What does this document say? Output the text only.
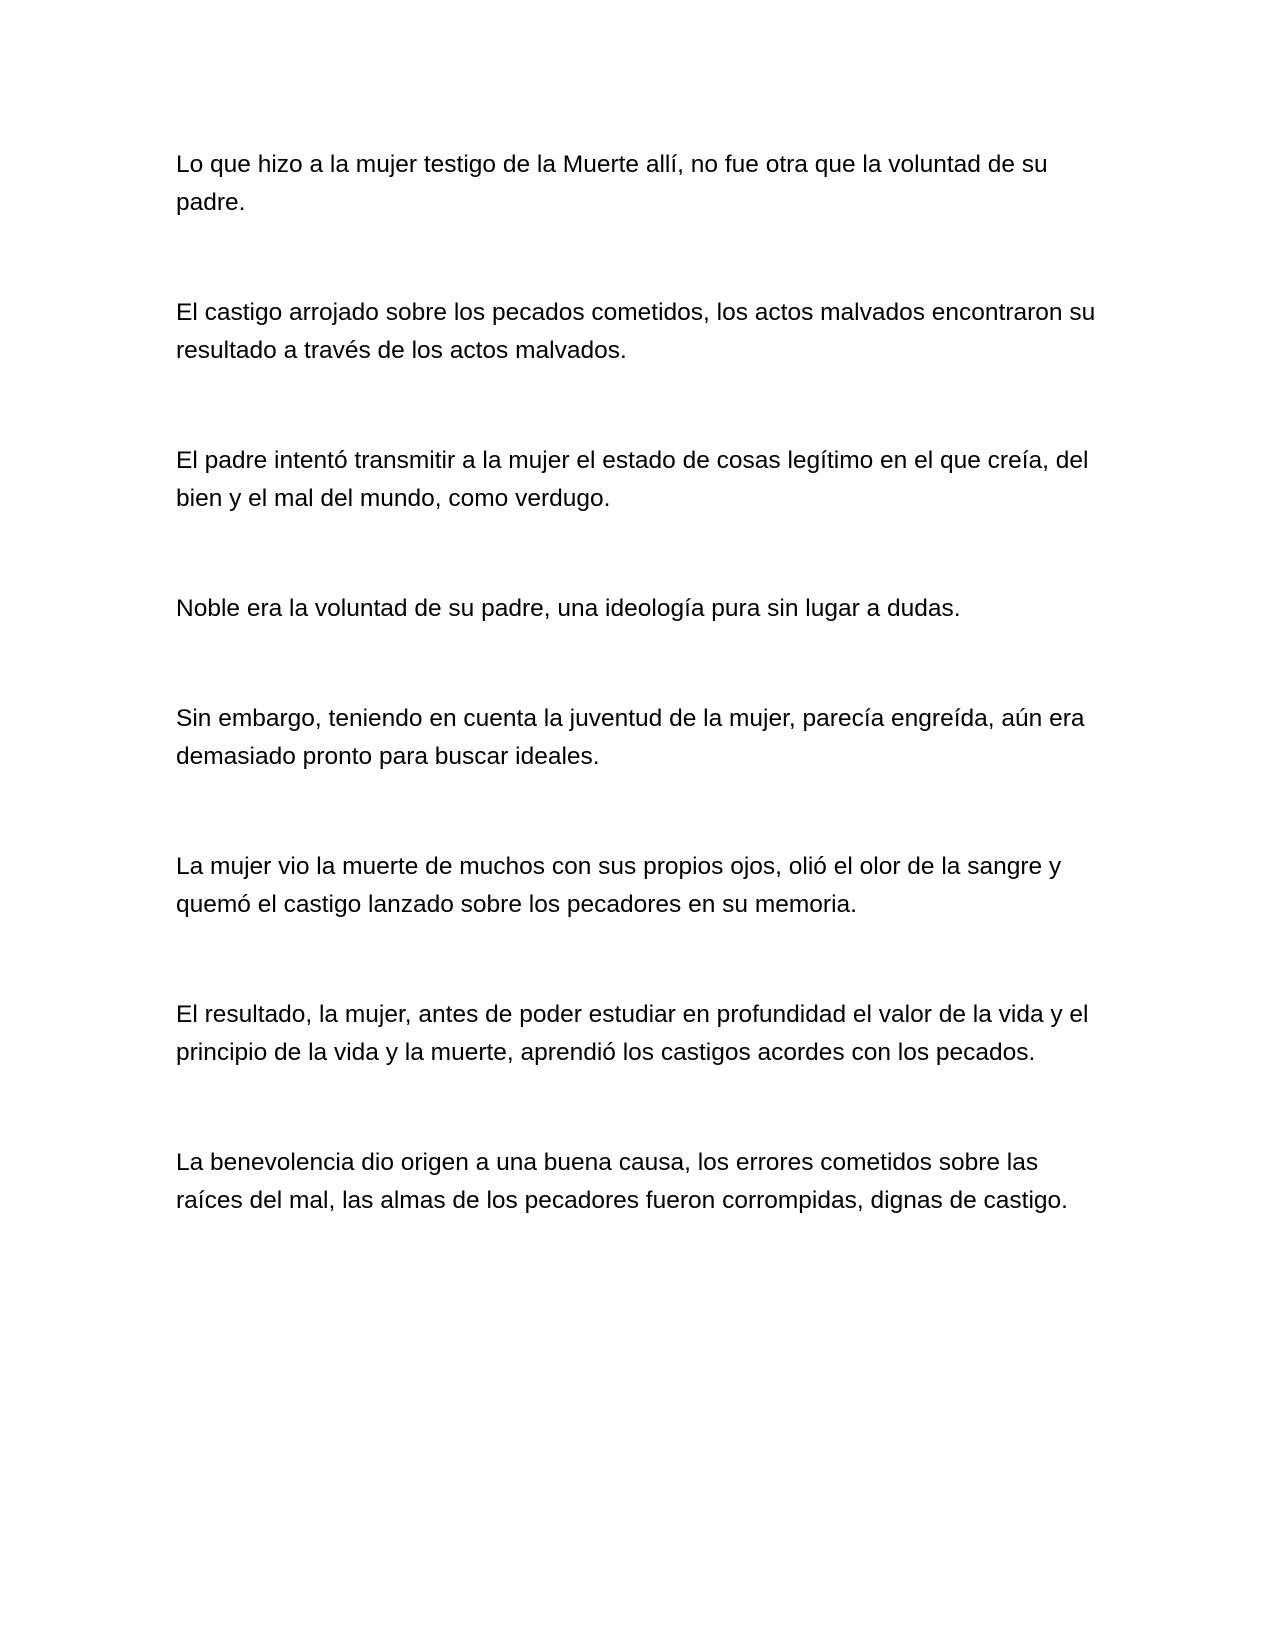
Lo que hizo a la mujer testigo de la Muerte allí, no fue otra que la voluntad de su padre.

El castigo arrojado sobre los pecados cometidos, los actos malvados encontraron su resultado a través de los actos malvados.

El padre intentó transmitir a la mujer el estado de cosas legítimo en el que creía, del bien y el mal del mundo, como verdugo.

Noble era la voluntad de su padre, una ideología pura sin lugar a dudas.

Sin embargo, teniendo en cuenta la juventud de la mujer, parecía engreída, aún era demasiado pronto para buscar ideales.

La mujer vio la muerte de muchos con sus propios ojos, olió el olor de la sangre y quemó el castigo lanzado sobre los pecadores en su memoria.

El resultado, la mujer, antes de poder estudiar en profundidad el valor de la vida y el principio de la vida y la muerte, aprendió los castigos acordes con los pecados.

La benevolencia dio origen a una buena causa, los errores cometidos sobre las raíces del mal, las almas de los pecadores fueron corrompidas, dignas de castigo.
